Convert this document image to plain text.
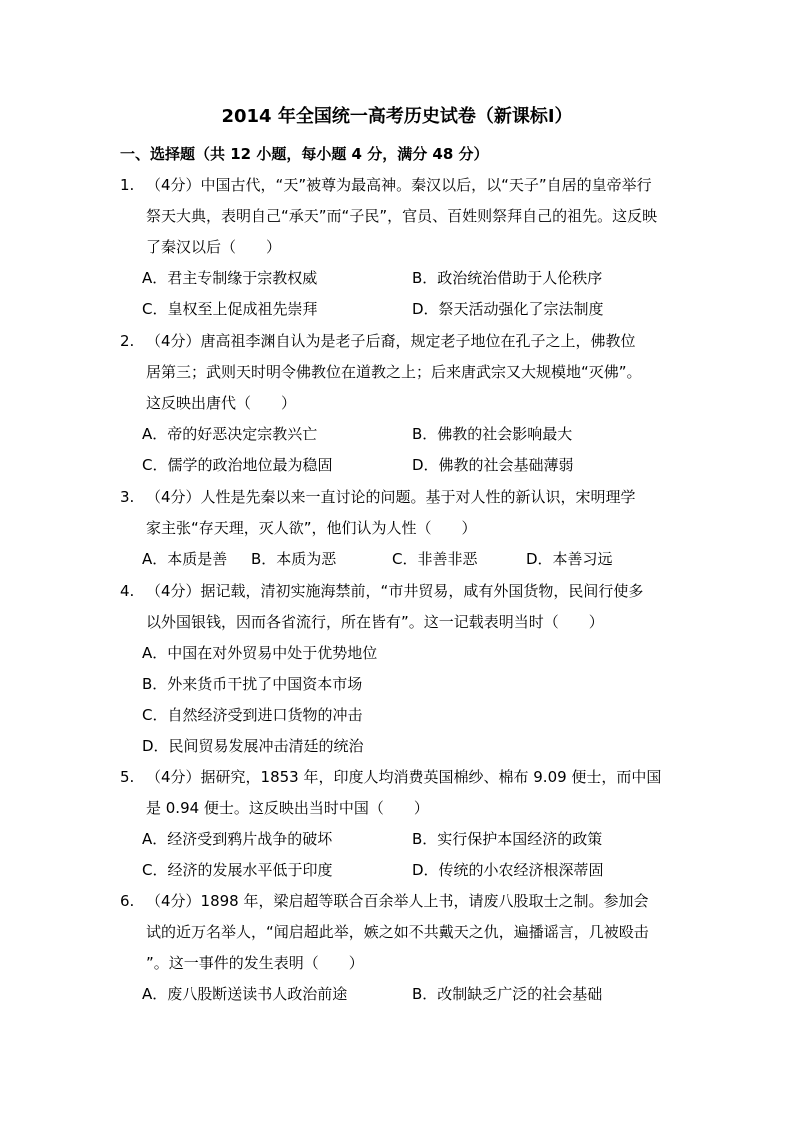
2014 年全国统一高考历史试卷（新课标Ⅰ）
一、选择题（共 12 小题，每小题 4 分，满分 48 分）
1. （4分）中国古代，“天”被尊为最高神。秦汉以后，以“天子”自居的皇帝举行
祭天大典，表明自己“承天”而“子民”，官员、百姓则祭拜自己的祖先。这反映
了秦汉以后（　　）
A．君主专制缘于宗教权威	B．政治统治借助于人伦秩序
C．皇权至上促成祖先崇拜	D．祭天活动强化了宗法制度
2. （4分）唐高祖李渊自认为是老子后裔，规定老子地位在孔子之上，佛教位
居第三；武则天时明令佛教位在道教之上；后来唐武宗又大规模地“灭佛”。
这反映出唐代（　　）
A．帝的好恶决定宗教兴亡	B．佛教的社会影响最大
C．儒学的政治地位最为稳固	D．佛教的社会基础薄弱
3. （4分）人性是先秦以来一直讨论的问题。基于对人性的新认识，宋明理学
家主张“存天理，灭人欲”，他们认为人性（　　）
A．本质是善 B．本质为恶	C．非善非恶	D．本善习远
4. （4分）据记载，清初实施海禁前，“市井贸易，咸有外国货物，民间行使多
以外国银钱，因而各省流行，所在皆有”。这一记载表明当时（　　）
A．中国在对外贸易中处于优势地位
B．外来货币干扰了中国资本市场
C．自然经济受到进口货物的冲击
D．民间贸易发展冲击清廷的统治
5. （4分）据研究，1853 年，印度人均消费英国棉纱、棉布 9.09 便士，而中国
是 0.94 便士。这反映出当时中国（　　）
A．经济受到鸦片战争的破坏	B．实行保护本国经济的政策
C．经济的发展水平低于印度	D．传统的小农经济根深蒂固
6. （4分）1898 年，梁启超等联合百余举人上书，请废八股取士之制。参加会
试的近万名举人，“闻启超此举，嫉之如不共戴天之仇，遍播谣言，几被殴击
”。这一事件的发生表明（　　）
A．废八股断送读书人政治前途	B．改制缺乏广泛的社会基础
